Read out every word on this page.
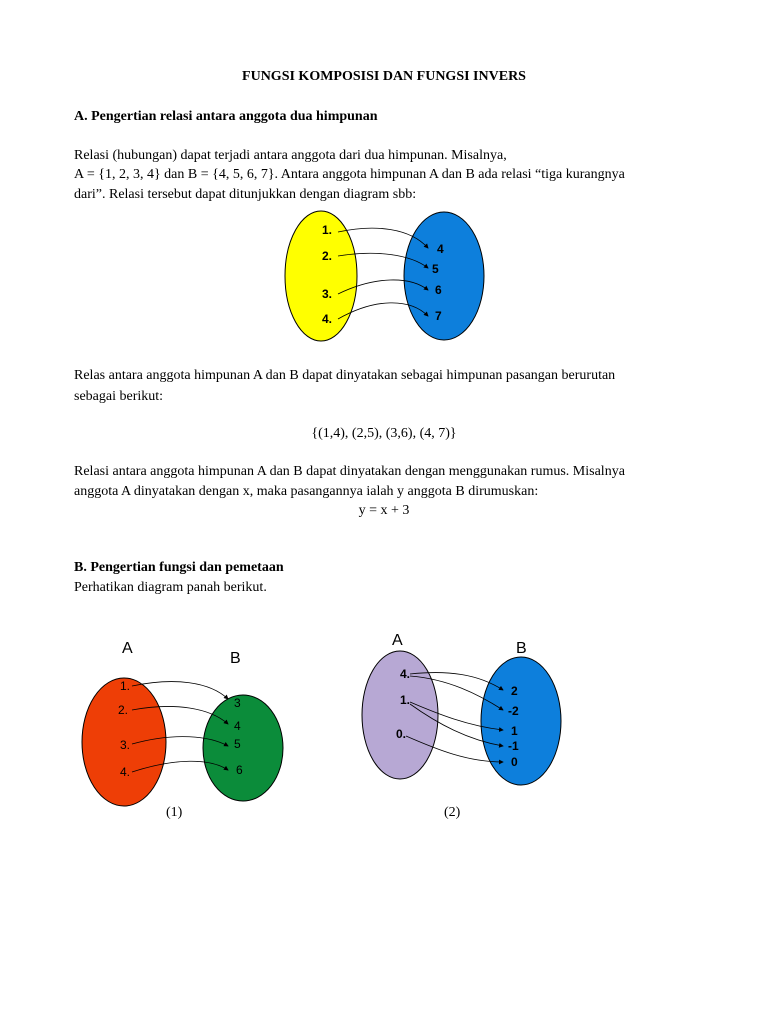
FUNGSI KOMPOSISI DAN FUNGSI INVERS
A. Pengertian relasi antara anggota dua himpunan
Relasi (hubungan) dapat terjadi antara anggota dari dua himpunan. Misalnya,
A = {1, 2, 3, 4} dan B = {4, 5, 6, 7}. Antara anggota himpunan A dan B ada relasi “tiga kurangnya
dari”. Relasi tersebut dapat ditunjukkan dengan diagram sbb:
1.
2.
3.
4.
4
5
6
7
Relas antara anggota himpunan A dan B dapat dinyatakan sebagai himpunan pasangan berurutan
sebagai berikut:
{(1,4), (2,5), (3,6), (4, 7)}
Relasi antara anggota himpunan A dan B dapat dinyatakan dengan menggunakan rumus. Misalnya
anggota A dinyatakan dengan x, maka pasangannya ialah y anggota B dirumuskan:
y = x + 3
B. Pengertian fungsi dan pemetaan
Perhatikan diagram panah berikut.
A
B
1.
2.
3.
4.
3
4
5
6
(1)
A	B
4.
1.
0.
2
-2
1
-1
0
(2)
